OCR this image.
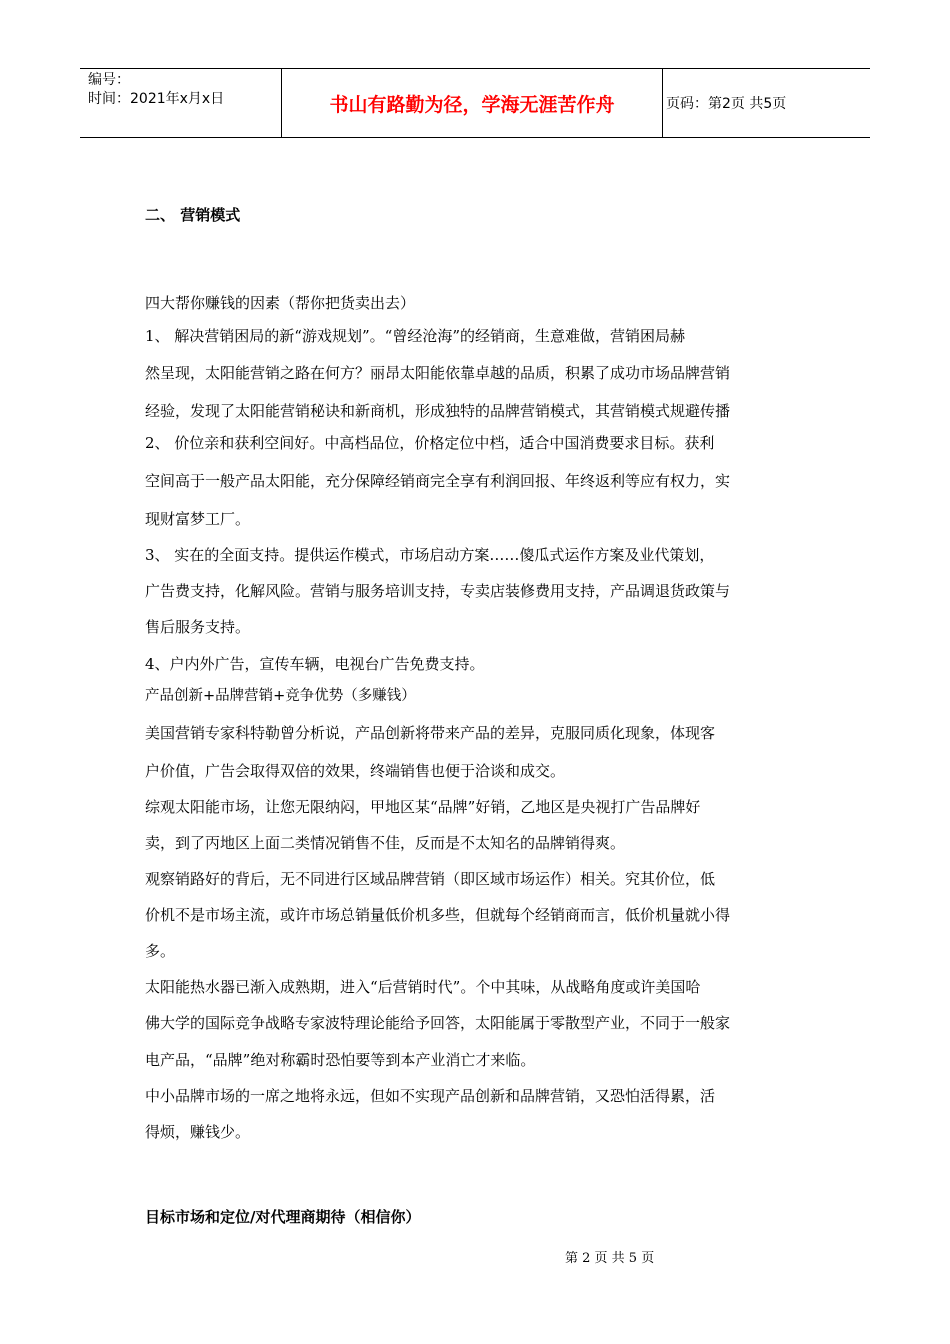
编号：
时间：2021年x月x日	书山有路勤为径，学海无涯苦作舟	页码：第2页 共5页
二、 营销模式
四大帮你赚钱的因素（帮你把货卖出去）
1、 解决营销困局的新“游戏规划”。“曾经沧海”的经销商，生意难做，营销困局赫
然呈现，太阳能营销之路在何方？丽昂太阳能依靠卓越的品质，积累了成功市场品牌营销
经验，发现了太阳能营销秘诀和新商机，形成独特的品牌营销模式，其营销模式规避传播
2、 价位亲和获利空间好。中高档品位，价格定位中档，适合中国消费要求目标。获利
空间高于一般产品太阳能，充分保障经销商完全享有利润回报、年终返利等应有权力，实
现财富梦工厂。
3、 实在的全面支持。提供运作模式，市场启动方案……傻瓜式运作方案及业代策划，
广告费支持，化解风险。营销与服务培训支持，专卖店装修费用支持，产品调退货政策与
售后服务支持。
4、户内外广告，宣传车辆，电视台广告免费支持。
产品创新+品牌营销+竞争优势（多赚钱）
美国营销专家科特勒曾分析说，产品创新将带来产品的差异，克服同质化现象，体现客
户价值，广告会取得双倍的效果，终端销售也便于洽谈和成交。
综观太阳能市场，让您无限纳闷，甲地区某“品牌”好销，乙地区是央视打广告品牌好
卖，到了丙地区上面二类情况销售不佳，反而是不太知名的品牌销得爽。
观察销路好的背后，无不同进行区域品牌营销（即区域市场运作）相关。究其价位，低
价机不是市场主流，或许市场总销量低价机多些，但就每个经销商而言，低价机量就小得
多。
太阳能热水器已渐入成熟期，进入“后营销时代”。个中其味，从战略角度或许美国哈
佛大学的国际竞争战略专家波特理论能给予回答，太阳能属于零散型产业，不同于一般家
电产品，“品牌”绝对称霸时恐怕要等到本产业消亡才来临。
中小品牌市场的一席之地将永远，但如不实现产品创新和品牌营销，又恐怕活得累，活
得烦，赚钱少。
目标市场和定位/对代理商期待（相信你）
第 2 页 共 5 页
